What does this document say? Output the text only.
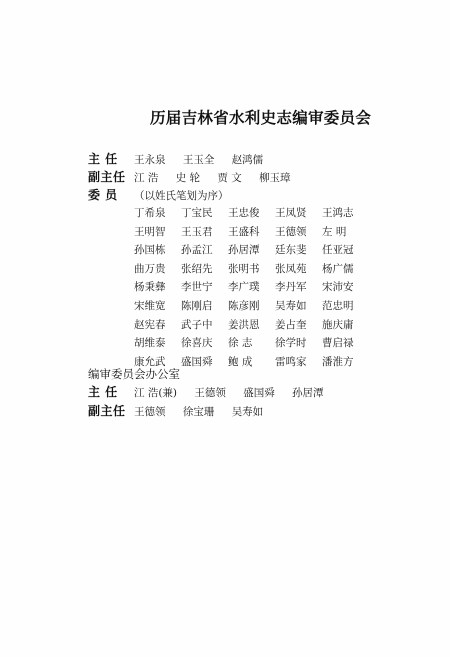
历届吉林省水利史志编审委员会
主 任 王永泉 王玉全 赵鸿儒
副主任 江 浩 史 轮 贾 文 柳玉璋
委 员 （以姓氏笔划为序）
丁希泉	丁宝民	王忠俊	王凤贤	王鸿志
王明智	王玉君	王盛科	王德领	左 明
孙国栋	孙孟江	孙居潭	廷东斐	任亚冠
曲万贵	张绍先	张明书	张凤苑	杨广儒
杨秉彝	李世宁	李广璞	李丹军	宋沛安
宋维宽	陈刚启	陈彦刚	吴寿如	范忠明
赵宪春	武子中	姜洪恩	姜占奎	施庆庸
胡维泰	徐喜庆	徐 志	徐学时	曹启禄
康允武	盛国舜	鲍 成	雷鸣家	潘淮方
编审委员会办公室
主 任 江 浩(兼) 王德领 盛国舜 孙居潭
副主任 王德领 徐宝珊 吴寿如
